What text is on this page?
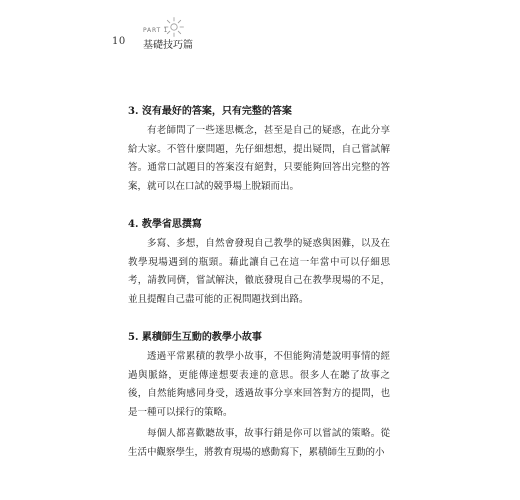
10
PART 1
基礎技巧篇
3. 沒有最好的答案，只有完整的答案

有老師問了一些迷思概念，甚至是自己的疑惑，在此分享給大家。不管什麼問題，先仔細想想，提出疑問，自己嘗試解答。通常口試題目的答案沒有絕對，只要能夠回答出完整的答案，就可以在口試的競爭場上脫穎而出。

4. 教學省思撰寫

多寫、多想，自然會發現自己教學的疑惑與困難，以及在教學現場遇到的瓶頸。藉此讓自己在這一年當中可以仔細思考，請教同儕，嘗試解決，徹底發現自己在教學現場的不足，並且提醒自己盡可能的正視問題找到出路。

5. 累積師生互動的教學小故事

透過平常累積的教學小故事，不但能夠清楚說明事情的經過與脈絡，更能傳達想要表達的意思。很多人在聽了故事之後，自然能夠感同身受，透過故事分享來回答對方的提問，也是一種可以採行的策略。

每個人都喜歡聽故事，故事行銷是你可以嘗試的策略。從生活中觀察學生，將教育現場的感動寫下，累積師生互動的小
